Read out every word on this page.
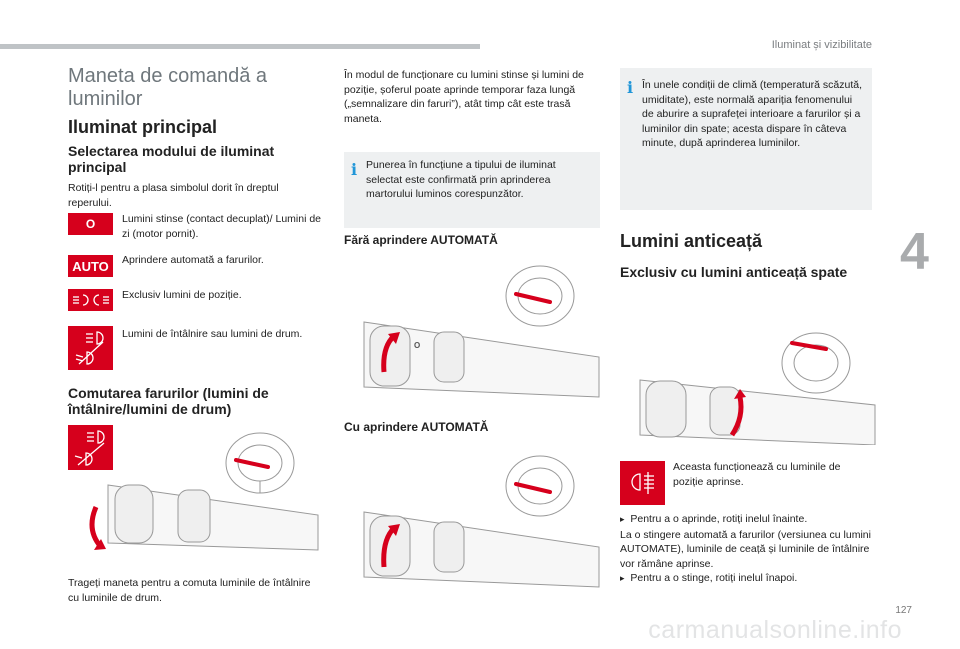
Iluminat și vizibilitate
4
Maneta de comandă a luminilor
Iluminat principal
Selectarea modului de iluminat principal
Rotiți-l pentru a plasa simbolul dorit în dreptul reperului.
O	Lumini stinse (contact decuplat)/ Lumini de zi (motor pornit).
AUTO Aprindere automată a farurilor.
Exclusiv lumini de poziție.
Lumini de întâlnire sau lumini de drum.
Comutarea farurilor (lumini de întâlnire/lumini de drum)
Trageți maneta pentru a comuta luminile de întâlnire cu luminile de drum.
În modul de funcționare cu lumini stinse și lumini de poziție, șoferul poate aprinde temporar faza lungă („semnalizare din faruri”), atât timp cât este trasă maneta.
i Punerea în funcțiune a tipului de iluminat selectat este confirmată prin aprinderea martorului luminos corespunzător.
Fără aprindere AUTOMATĂ
O
Cu aprindere AUTOMATĂ
i În unele condiții de climă (temperatură scăzută, umiditate), este normală apariția fenomenului de aburire a suprafeței interioare a farurilor și a luminilor din spate; acesta dispare în câteva minute, după aprinderea luminilor.
Lumini anticeață
Exclusiv cu lumini anticeață spate
Aceasta funcționează cu luminile de poziție aprinse.
▸ Pentru a o aprinde, rotiți inelul înainte.
La o stingere automată a farurilor (versiunea cu lumini AUTOMATE), luminile de ceață și luminile de întâlnire vor rămâne aprinse.
▸ Pentru a o stinge, rotiți inelul înapoi.
127
carmanualsonline.info
